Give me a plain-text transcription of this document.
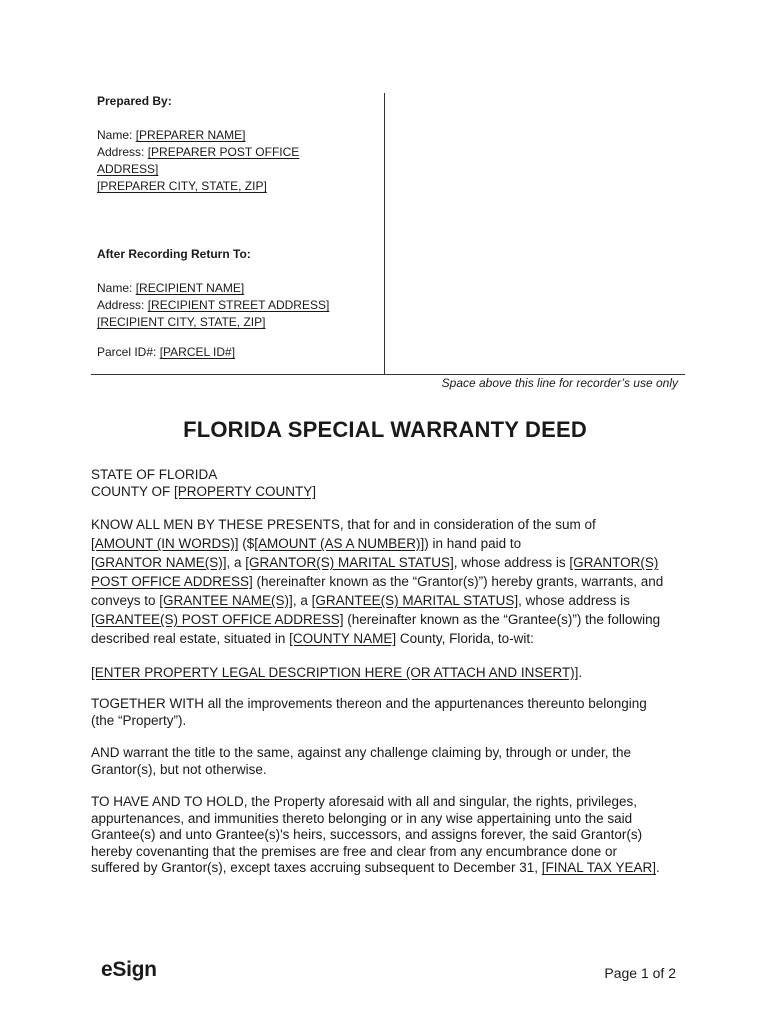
Prepared By:
Name: [PREPARER NAME]
Address: [PREPARER POST OFFICE
ADDRESS]
[PREPARER CITY, STATE, ZIP]
After Recording Return To:
Name: [RECIPIENT NAME]
Address: [RECIPIENT STREET ADDRESS]
[RECIPIENT CITY, STATE, ZIP]
Parcel ID#: [PARCEL ID#]
Space above this line for recorder’s use only
FLORIDA SPECIAL WARRANTY DEED
STATE OF FLORIDA
COUNTY OF [PROPERTY COUNTY]
KNOW ALL MEN BY THESE PRESENTS, that for and in consideration of the sum of
[AMOUNT (IN WORDS)] ($[AMOUNT (AS A NUMBER)]) in hand paid to
[GRANTOR NAME(S)], a [GRANTOR(S) MARITAL STATUS], whose address is [GRANTOR(S)
POST OFFICE ADDRESS] (hereinafter known as the “Grantor(s)”) hereby grants, warrants, and
conveys to [GRANTEE NAME(S)], a [GRANTEE(S) MARITAL STATUS], whose address is
[GRANTEE(S) POST OFFICE ADDRESS] (hereinafter known as the “Grantee(s)”) the following
described real estate, situated in [COUNTY NAME] County, Florida, to-wit:
[ENTER PROPERTY LEGAL DESCRIPTION HERE (OR ATTACH AND INSERT)].
TOGETHER WITH all the improvements thereon and the appurtenances thereunto belonging
(the “Property”).
AND warrant the title to the same, against any challenge claiming by, through or under, the
Grantor(s), but not otherwise.
TO HAVE AND TO HOLD, the Property aforesaid with all and singular, the rights, privileges,
appurtenances, and immunities thereto belonging or in any wise appertaining unto the said
Grantee(s) and unto Grantee(s)'s heirs, successors, and assigns forever, the said Grantor(s)
hereby covenanting that the premises are free and clear from any encumbrance done or
suffered by Grantor(s), except taxes accruing subsequent to December 31, [FINAL TAX YEAR].
eSign	Page 1 of 2
